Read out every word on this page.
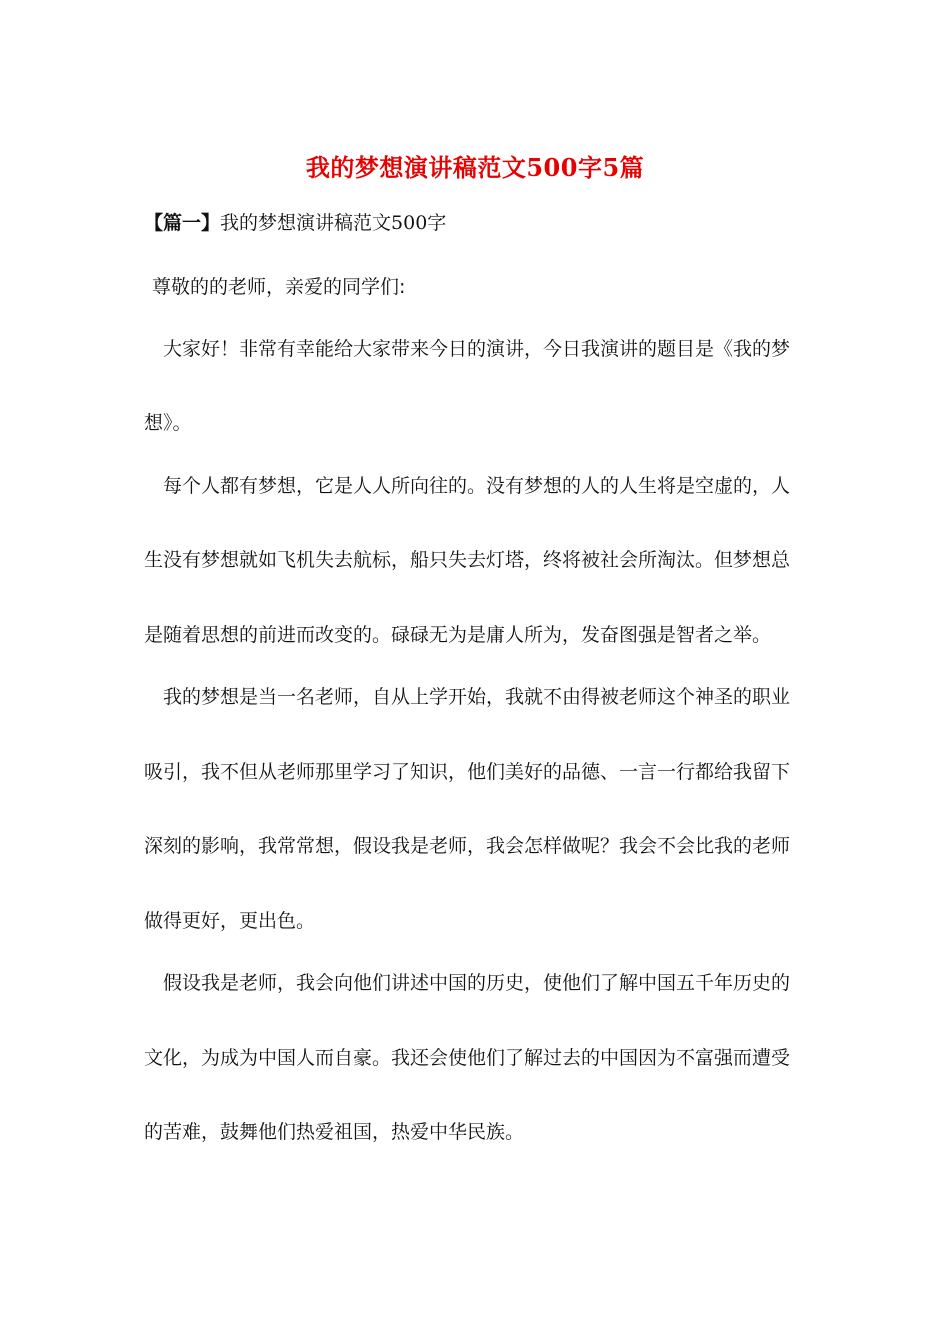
我的梦想演讲稿范文500字5篇
【篇一】我的梦想演讲稿范文500字
尊敬的的老师，亲爱的同学们:
大家好！非常有幸能给大家带来今日的演讲，今日我演讲的题目是《我的梦
想》。
每个人都有梦想，它是人人所向往的。没有梦想的人的人生将是空虚的，人
生没有梦想就如飞机失去航标，船只失去灯塔，终将被社会所淘汰。但梦想总
是随着思想的前进而改变的。碌碌无为是庸人所为，发奋图强是智者之举。
我的梦想是当一名老师，自从上学开始，我就不由得被老师这个神圣的职业
吸引，我不但从老师那里学习了知识，他们美好的品德、一言一行都给我留下
深刻的影响，我常常想，假设我是老师，我会怎样做呢？我会不会比我的老师
做得更好，更出色。
假设我是老师，我会向他们讲述中国的历史，使他们了解中国五千年历史的
文化，为成为中国人而自豪。我还会使他们了解过去的中国因为不富强而遭受
的苦难，鼓舞他们热爱祖国，热爱中华民族。
